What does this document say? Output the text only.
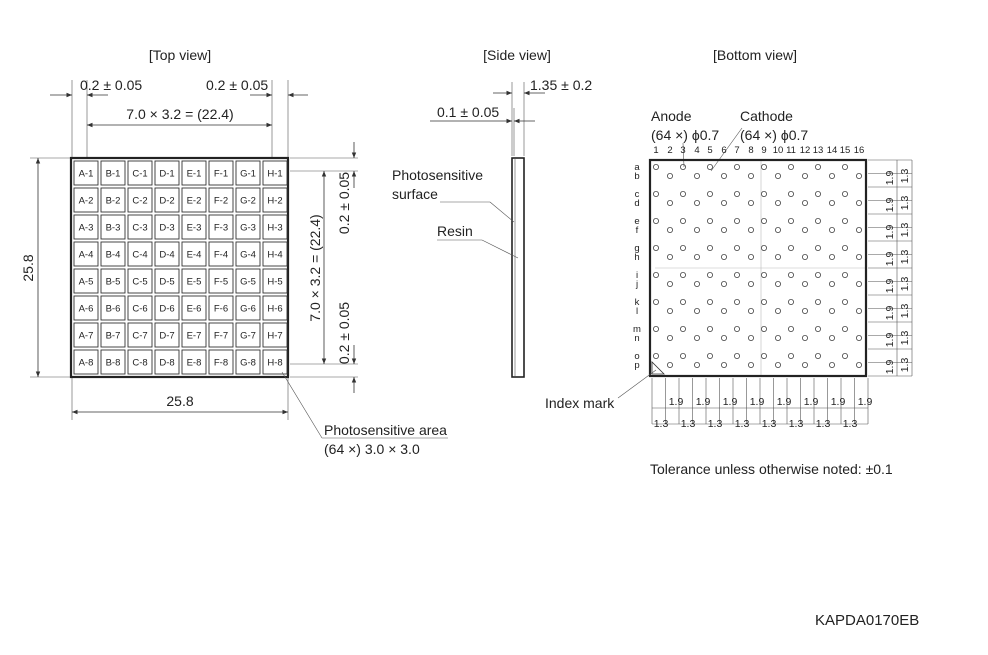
[Top view]
0.2 ± 0.05	0.2 ± 0.05
7.0 × 3.2 = (22.4)
25.8
25.8
0.2 ± 0.05
7.0 × 3.2 = (22.4)
0.2 ± 0.05
A-1 B-1 C-1 D-1 E-1 F-1 G-1 H-1
A-2 B-2 C-2 D-2 E-2 F-2 G-2 H-2
A-3 B-3 C-3 D-3 E-3 F-3 G-3 H-3
A-4 B-4 C-4 D-4 E-4 F-4 G-4 H-4
A-5 B-5 C-5 D-5 E-5 F-5 G-5 H-5
A-6 B-6 C-6 D-6 E-6 F-6 G-6 H-6
A-7 B-7 C-7 D-7 E-7 F-7 G-7 H-7
A-8 B-8 C-8 D-8 E-8 F-8 G-8 H-8
Photosensitive area
(64 ×) 3.0 × 3.0
[Side view]
1.35 ± 0.2
0.1 ± 0.05
Photosensitive
surface
Resin
[Bottom view]
Anode
(64 ×) ϕ0.7
Cathode
(64 ×) ϕ0.7
1 2 3 4 5 6 7 8 9 10 11 12 13 14 15 16
a
b
c
d
e
f
g
h
i
j
k
l
m
n
o
p
Index mark
1.9 1.3
1.9 1.3
1.9 1.3
1.9 1.3
1.9 1.3
1.9 1.3
1.9 1.3
1.9 1.3
1.9
1.3
1.9
1.3
1.9
1.3
1.9
1.3
1.9
1.3
1.9
1.3
1.9
1.3
1.9
1.3
Tolerance unless otherwise noted: ±0.1
KAPDA0170EB
